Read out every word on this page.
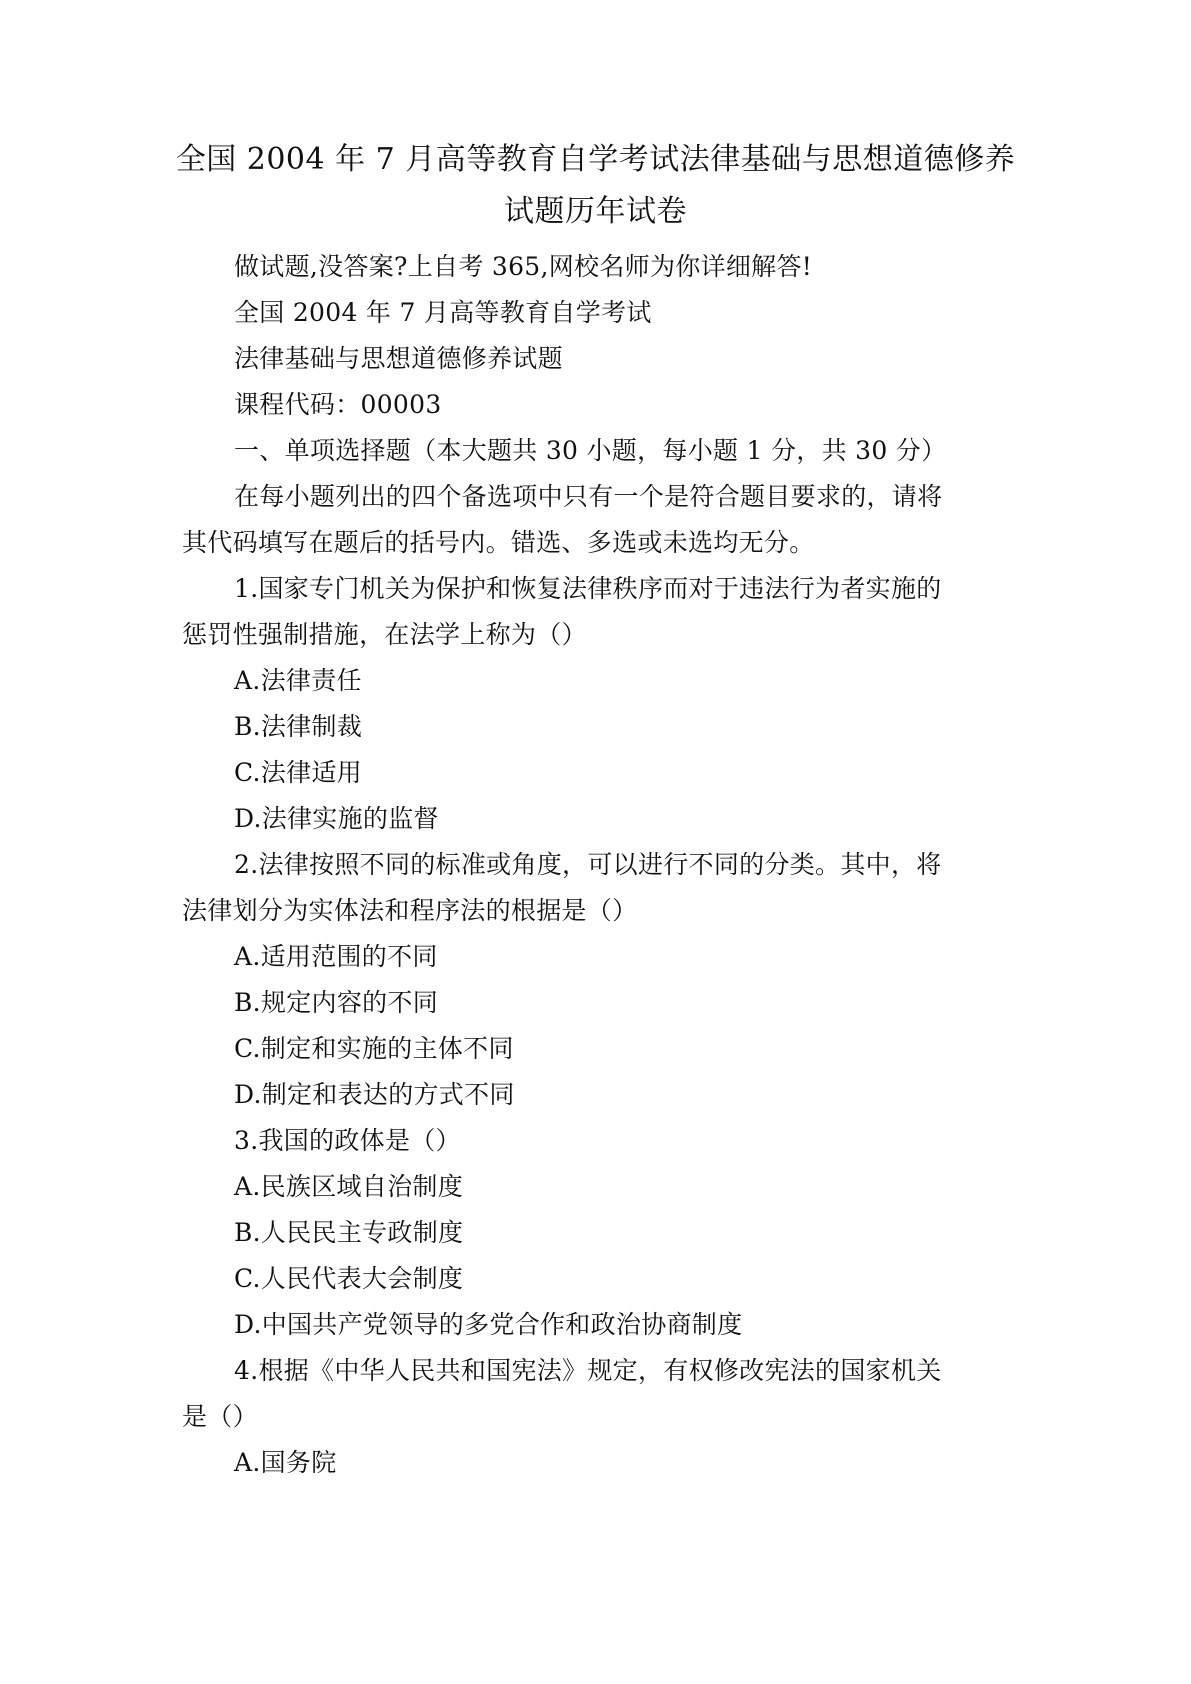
全国 2004 年 7 月高等教育自学考试法律基础与思想道德修养
试题历年试卷
做试题,没答案?上自考 365,网校名师为你详细解答!
全国 2004 年 7 月高等教育自学考试
法律基础与思想道德修养试题
课程代码：00003
一、单项选择题（本大题共 30 小题，每小题 1 分，共 30 分）
在每小题列出的四个备选项中只有一个是符合题目要求的，请将
其代码填写在题后的括号内。错选、多选或未选均无分。
1.国家专门机关为保护和恢复法律秩序而对于违法行为者实施的
惩罚性强制措施，在法学上称为（）
A.法律责任
B.法律制裁
C.法律适用
D.法律实施的监督
2.法律按照不同的标准或角度，可以进行不同的分类。其中，将
法律划分为实体法和程序法的根据是（）
A.适用范围的不同
B.规定内容的不同
C.制定和实施的主体不同
D.制定和表达的方式不同
3.我国的政体是（）
A.民族区域自治制度
B.人民民主专政制度
C.人民代表大会制度
D.中国共产党领导的多党合作和政治协商制度
4.根据《中华人民共和国宪法》规定，有权修改宪法的国家机关
是（）
A.国务院
